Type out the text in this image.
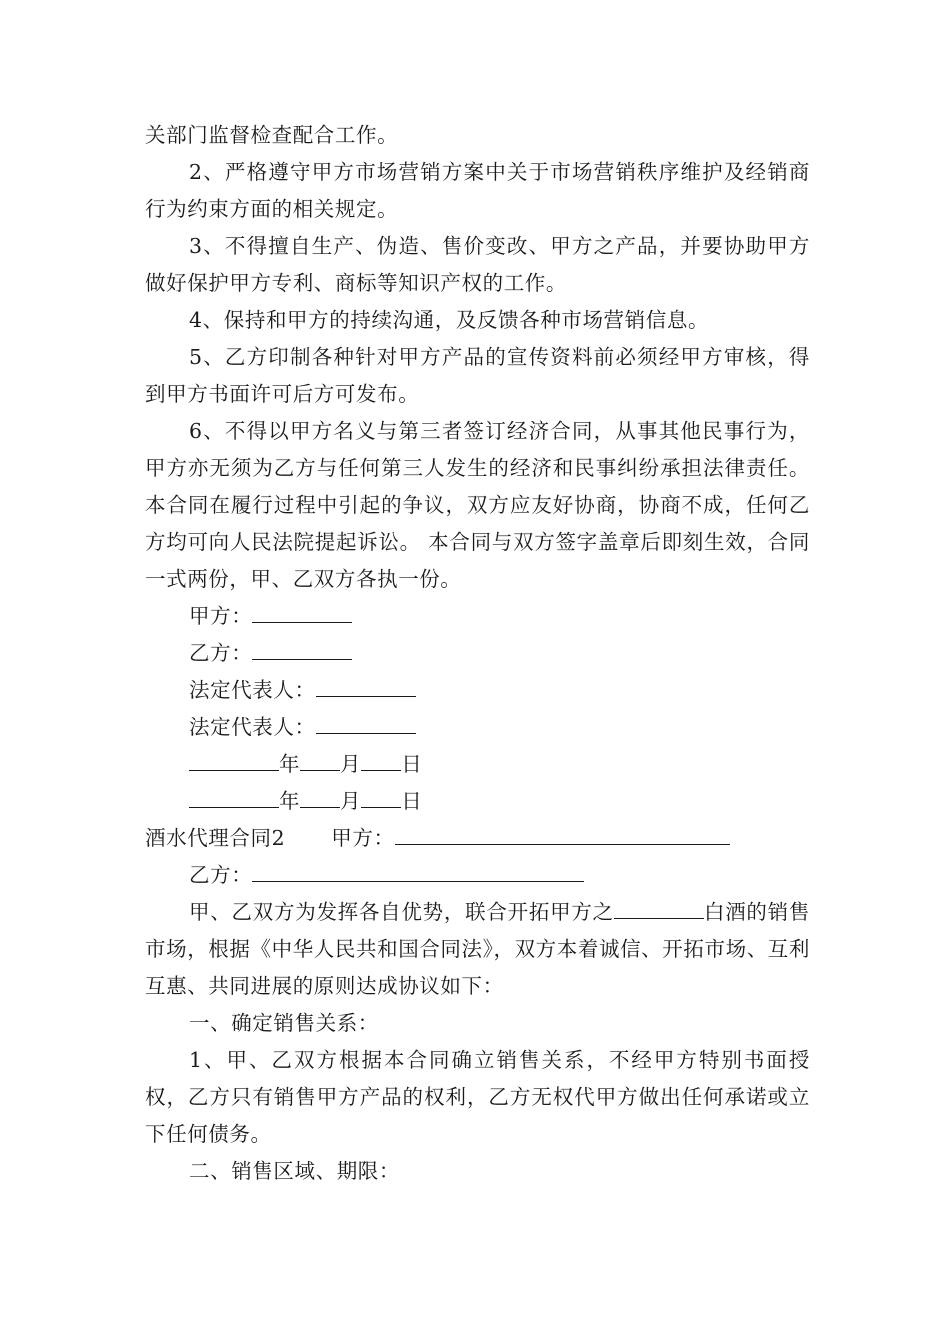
关部门监督检查配合工作。

2、严格遵守甲方市场营销方案中关于市场营销秩序维护及经销商行为约束方面的相关规定。

3、不得擅自生产、伪造、售价变改、甲方之产品，并要协助甲方做好保护甲方专利、商标等知识产权的工作。

4、保持和甲方的持续沟通，及反馈各种市场营销信息。

5、乙方印制各种针对甲方产品的宣传资料前必须经甲方审核，得到甲方书面许可后方可发布。

6、不得以甲方名义与第三者签订经济合同，从事其他民事行为，甲方亦无须为乙方与任何第三人发生的经济和民事纠纷承担法律责任。 本合同在履行过程中引起的争议，双方应友好协商，协商不成，任何乙方均可向人民法院提起诉讼。 本合同与双方签字盖章后即刻生效，合同一式两份，甲、乙双方各执一份。

甲方：

乙方：

法定代表人：

法定代表人：

年 月 日

年 月 日

酒水代理合同2 甲方：

乙方：

甲、乙双方为发挥各自优势，联合开拓甲方之	白酒的销售市场，根据《中华人民共和国合同法》，双方本着诚信、开拓市场、互利互惠、共同进展的原则达成协议如下：

一、确定销售关系：

1、甲、乙双方根据本合同确立销售关系，不经甲方特别书面授权，乙方只有销售甲方产品的权利，乙方无权代甲方做出任何承诺或立下任何债务。

二、销售区域、期限：
